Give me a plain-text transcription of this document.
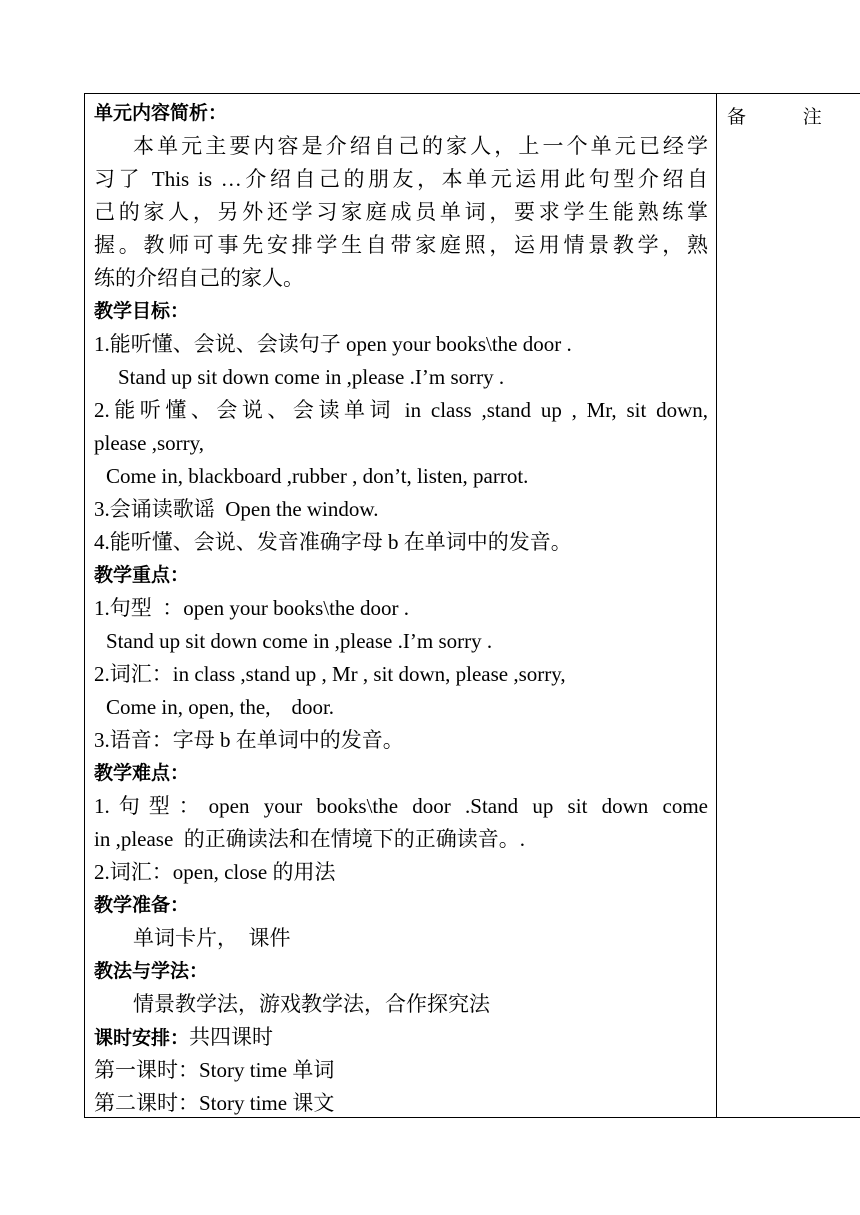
单元内容简析：
本单元主要内容是介绍自己的家人，上一个单元已经学
习了 This is …介绍自己的朋友，本单元运用此句型介绍自
己的家人，另外还学习家庭成员单词，要求学生能熟练掌
握。教师可事先安排学生自带家庭照，运用情景教学，熟
练的介绍自己的家人。
教学目标：
1.能听懂、会说、会读句子 open your books\the door .
Stand up sit down come in ,please .I’m sorry .
2.能听懂、会说、会读单词 in class ,stand up , Mr, sit down,
please ,sorry,
Come in, blackboard ,rubber , don’t, listen, parrot.
3.会诵读歌谣  Open the window.
4.能听懂、会说、发音准确字母 b 在单词中的发音。
教学重点：
1.句型  ：open your books\the door .
Stand up sit down come in ,please .I’m sorry .
2.词汇：in class ,stand up , Mr , sit down, please ,sorry,
Come in, open, the,    door.
3.语音：字母 b 在单词中的发音。
教学难点：
1.句型：open your books\the door .Stand up sit down come
in ,please  的正确读法和在情境下的正确读音。.
2.词汇：open, close 的用法
教学准备：
单词卡片，  课件
教法与学法：
情景教学法，游戏教学法，合作探究法
课时安排：共四课时
第一课时：Story time 单词
第二课时：Story time 课文
备 注
